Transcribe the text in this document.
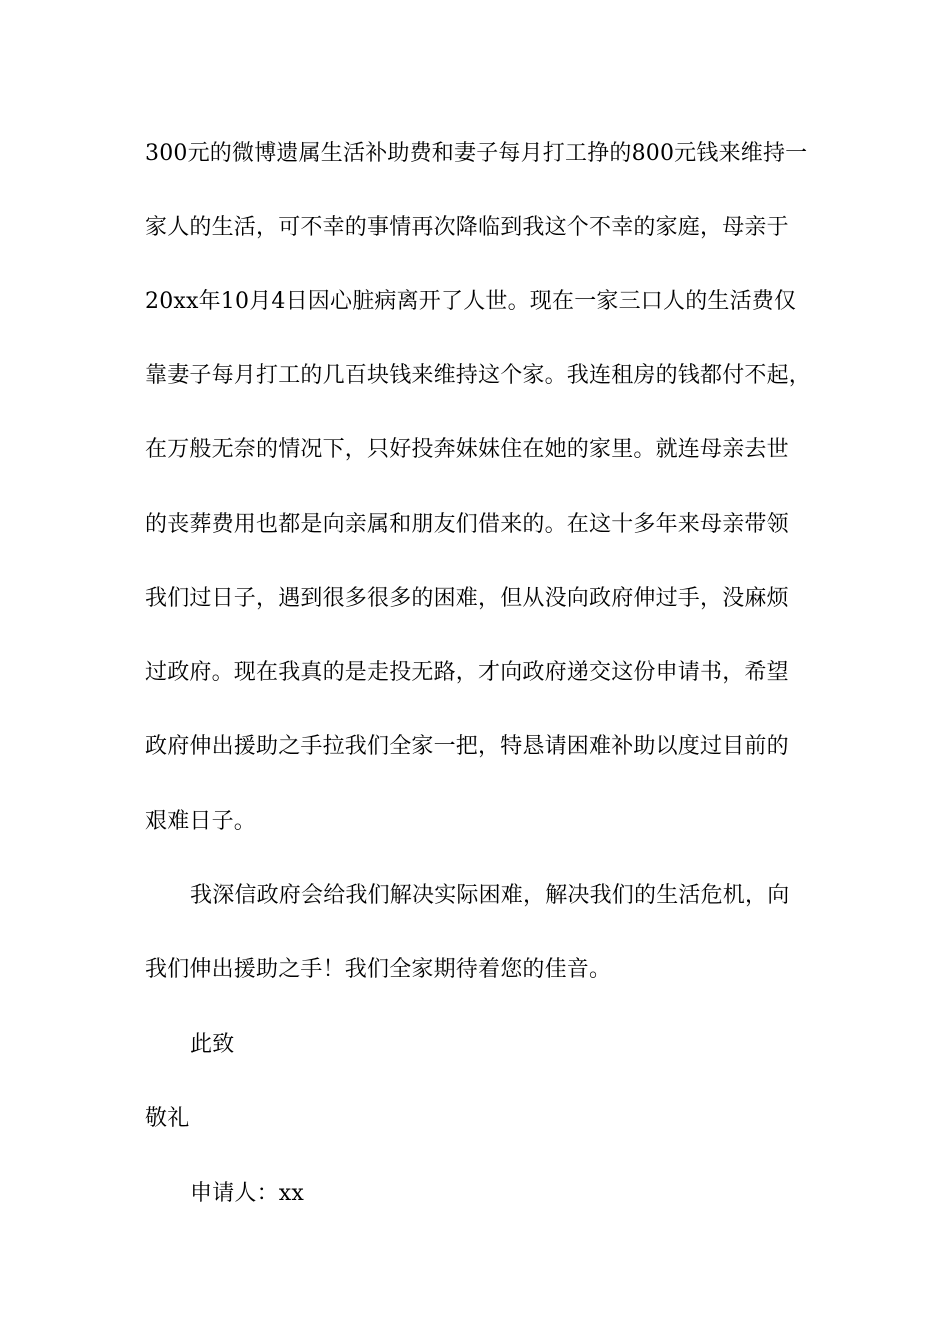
300元的微博遗属生活补助费和妻子每月打工挣的800元钱来维持一
家人的生活，可不幸的事情再次降临到我这个不幸的家庭，母亲于
20xx年10月4日因心脏病离开了人世。现在一家三口人的生活费仅
靠妻子每月打工的几百块钱来维持这个家。我连租房的钱都付不起，
在万般无奈的情况下，只好投奔妹妹住在她的家里。就连母亲去世
的丧葬费用也都是向亲属和朋友们借来的。在这十多年来母亲带领
我们过日子，遇到很多很多的困难，但从没向政府伸过手，没麻烦
过政府。现在我真的是走投无路，才向政府递交这份申请书，希望
政府伸出援助之手拉我们全家一把，特恳请困难补助以度过目前的
艰难日子。
我深信政府会给我们解决实际困难，解决我们的生活危机，向
我们伸出援助之手！我们全家期待着您的佳音。
此致
敬礼
申请人：xx
